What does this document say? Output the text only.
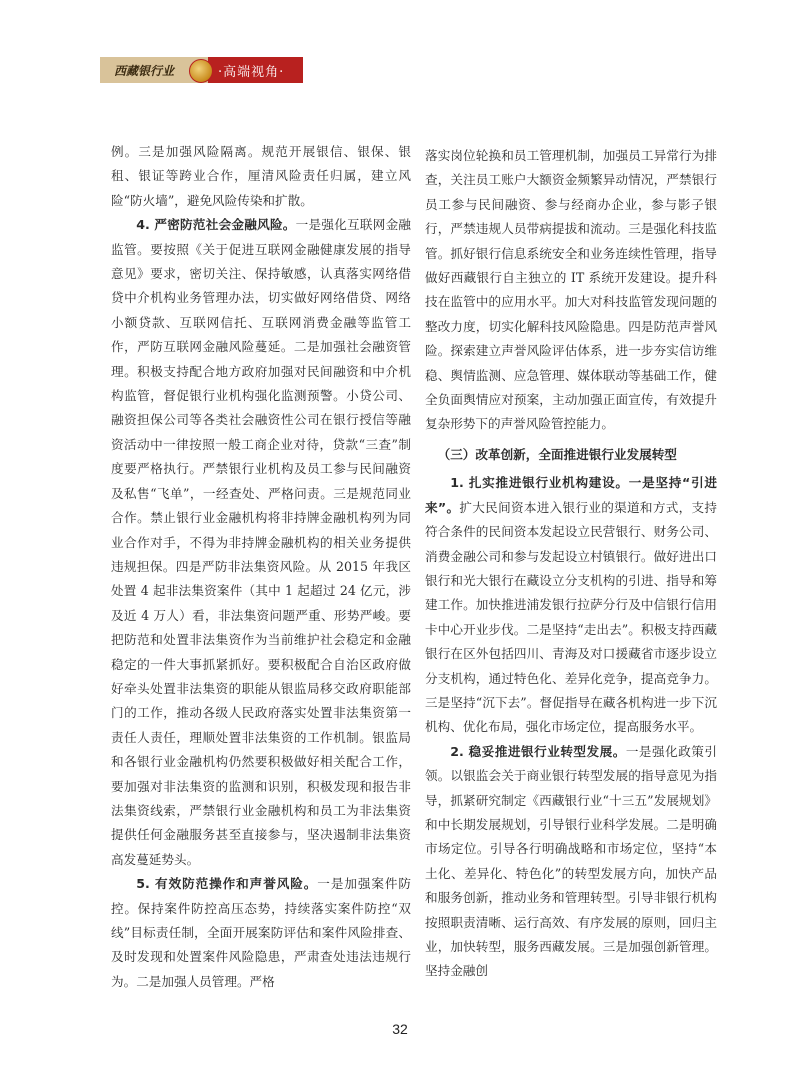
西藏银行业	·高端视角·

例。三是加强风险隔离。规范开展银信、银保、银租、银证等跨业合作，厘清风险责任归属，建立风险“防火墙”，避免风险传染和扩散。

4. 严密防范社会金融风险。一是强化互联网金融监管。要按照《关于促进互联网金融健康发展的指导意见》要求，密切关注、保持敏感，认真落实网络借贷中介机构业务管理办法，切实做好网络借贷、网络小额贷款、互联网信托、互联网消费金融等监管工作，严防互联网金融风险蔓延。二是加强社会融资管理。积极支持配合地方政府加强对民间融资和中介机构监管，督促银行业机构强化监测预警。小贷公司、融资担保公司等各类社会融资性公司在银行授信等融资活动中一律按照一般工商企业对待，贷款“三查”制度要严格执行。严禁银行业机构及员工参与民间融资及私售“飞单”，一经查处、严格问责。三是规范同业合作。禁止银行业金融机构将非持牌金融机构列为同业合作对手，不得为非持牌金融机构的相关业务提供违规担保。四是严防非法集资风险。从 2015 年我区处置 4 起非法集资案件（其中 1 起超过 24 亿元，涉及近 4 万人）看，非法集资问题严重、形势严峻。要把防范和处置非法集资作为当前维护社会稳定和金融稳定的一件大事抓紧抓好。要积极配合自治区政府做好牵头处置非法集资的职能从银监局移交政府职能部门的工作，推动各级人民政府落实处置非法集资第一责任人责任，理顺处置非法集资的工作机制。银监局和各银行业金融机构仍然要积极做好相关配合工作，要加强对非法集资的监测和识别，积极发现和报告非法集资线索，严禁银行业金融机构和员工为非法集资提供任何金融服务甚至直接参与，坚决遏制非法集资高发蔓延势头。

5. 有效防范操作和声誉风险。一是加强案件防控。保持案件防控高压态势，持续落实案件防控“双线”目标责任制，全面开展案防评估和案件风险排查、及时发现和处置案件风险隐患，严肃查处违法违规行为。二是加强人员管理。严格

落实岗位轮换和员工管理机制，加强员工异常行为排查，关注员工账户大额资金频繁异动情况，严禁银行员工参与民间融资、参与经商办企业，参与影子银行，严禁违规人员带病提拔和流动。三是强化科技监管。抓好银行信息系统安全和业务连续性管理，指导做好西藏银行自主独立的 IT 系统开发建设。提升科技在监管中的应用水平。加大对科技监管发现问题的整改力度，切实化解科技风险隐患。四是防范声誉风险。探索建立声誉风险评估体系，进一步夯实信访维稳、舆情监测、应急管理、媒体联动等基础工作，健全负面舆情应对预案，主动加强正面宣传，有效提升复杂形势下的声誉风险管控能力。

（三）改革创新，全面推进银行业发展转型

1. 扎实推进银行业机构建设。一是坚持“引进来”。扩大民间资本进入银行业的渠道和方式，支持符合条件的民间资本发起设立民营银行、财务公司、消费金融公司和参与发起设立村镇银行。做好进出口银行和光大银行在藏设立分支机构的引进、指导和筹建工作。加快推进浦发银行拉萨分行及中信银行信用卡中心开业步伐。二是坚持“走出去”。积极支持西藏银行在区外包括四川、青海及对口援藏省市逐步设立分支机构，通过特色化、差异化竞争，提高竞争力。三是坚持“沉下去”。督促指导在藏各机构进一步下沉机构、优化布局，强化市场定位，提高服务水平。

2. 稳妥推进银行业转型发展。一是强化政策引领。以银监会关于商业银行转型发展的指导意见为指导，抓紧研究制定《西藏银行业“十三五”发展规划》和中长期发展规划，引导银行业科学发展。二是明确市场定位。引导各行明确战略和市场定位，坚持“本土化、差异化、特色化”的转型发展方向，加快产品和服务创新，推动业务和管理转型。引导非银行机构按照职责清晰、运行高效、有序发展的原则，回归主业，加快转型，服务西藏发展。三是加强创新管理。坚持金融创

32
